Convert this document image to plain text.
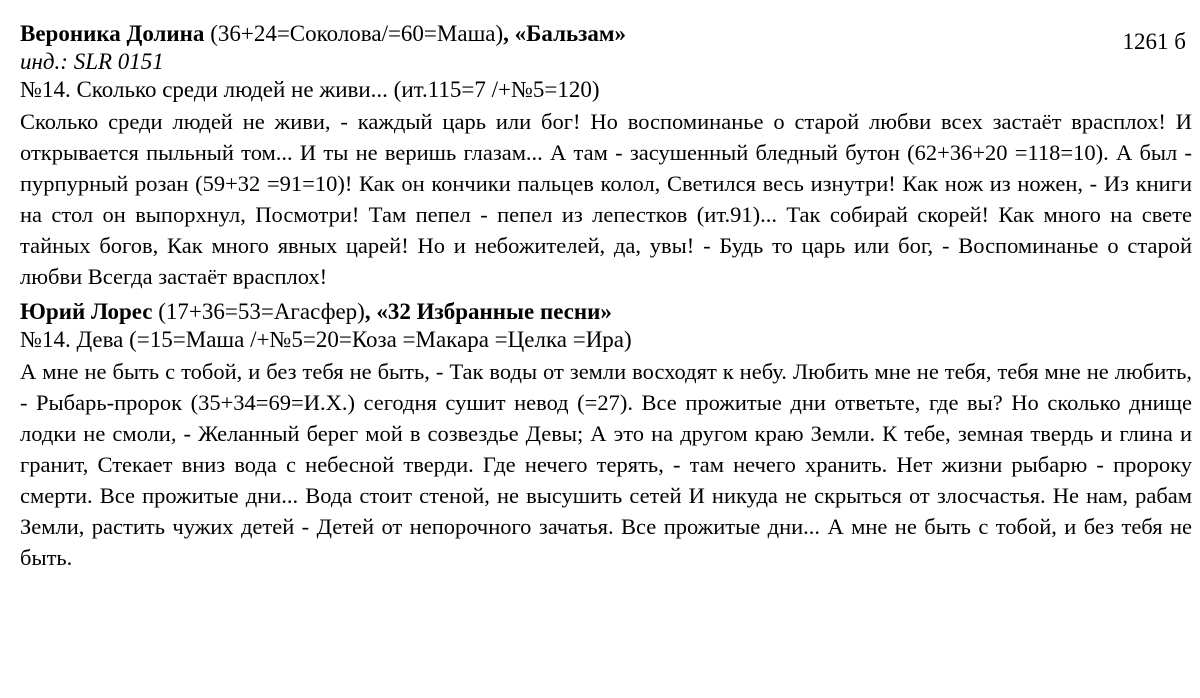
1261 б
Вероника Долина (36+24=Соколова/=60=Маша), «Бальзам»
инд.: SLR 0151
№14. Сколько среди людей не живи... (ит.115=7 /+№5=120)
Сколько среди людей не живи, - каждый царь или бог! Но воспоминанье о старой любви всех застаёт врасплох! И открывается пыльный том... И ты не веришь глазам... А там - засушенный бледный бутон (62+36+20 =118=10). А был - пурпурный розан (59+32 =91=10)! Как он кончики пальцев колол, Светился весь изнутри! Как нож из ножен, - Из книги на стол он выпорхнул, Посмотри! Там пепел - пепел из лепестков (ит.91)... Так собирай скорей! Как много на свете тайных богов, Как много явных царей! Но и небожителей, да, увы! - Будь то царь или бог, - Воспоминанье о старой любви Всегда застаёт врасплох!
Юрий Лорес (17+36=53=Агасфер), «32 Избранные песни»
№14. Дева (=15=Маша /+№5=20=Коза =Макара =Целка =Ира)
А мне не быть с тобой, и без тебя не быть, - Так воды от земли восходят к небу. Любить мне не тебя, тебя мне не любить, - Рыбарь-пророк (35+34=69=И.Х.) сегодня сушит невод (=27). Все прожитые дни ответьте, где вы? Но сколько днище лодки не смоли, - Желанный берег мой в созвездье Девы; А это на другом краю Земли. К тебе, земная твердь и глина и гранит, Стекает вниз вода с небесной тверди. Где нечего терять, - там нечего хранить. Нет жизни рыбарю - пророку смерти. Все прожитые дни... Вода стоит стеной, не высушить сетей И никуда не скрыться от злосчастья. Не нам, рабам Земли, растить чужих детей - Детей от непорочного зачатья. Все прожитые дни... А мне не быть с тобой, и без тебя не быть.
